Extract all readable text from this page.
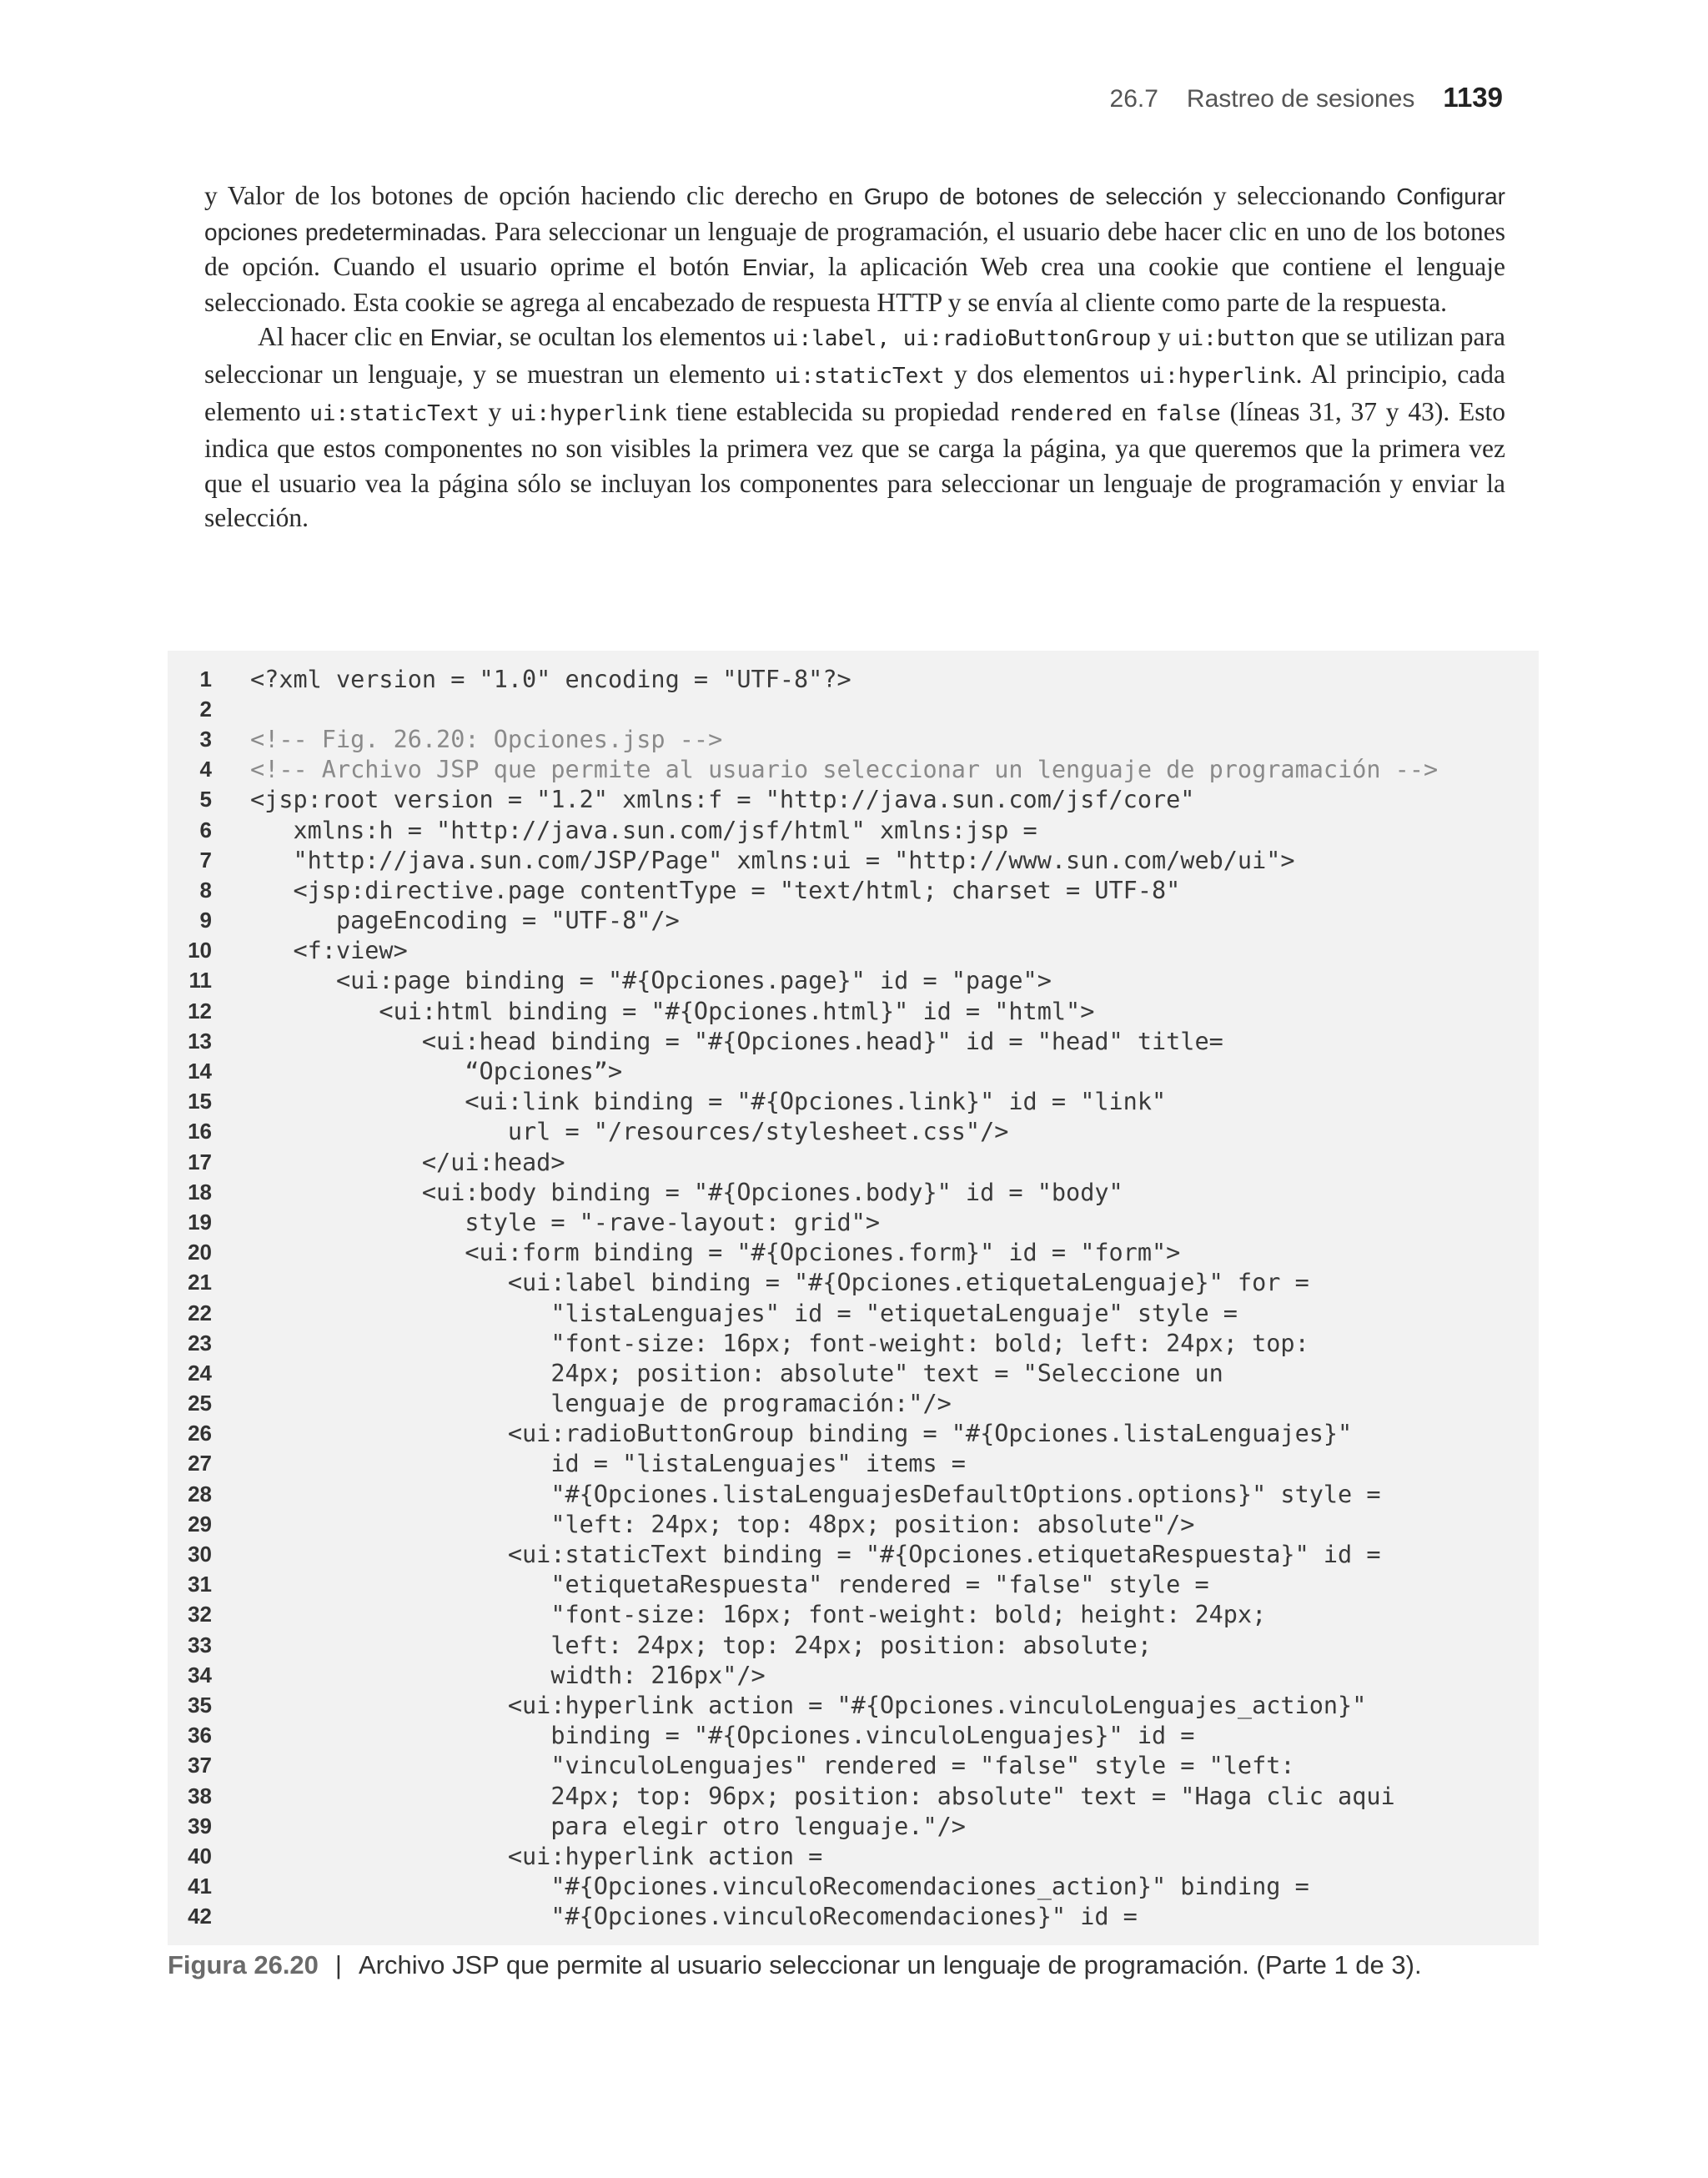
26.7 Rastreo de sesiones 1139

y Valor de los botones de opción haciendo clic derecho en Grupo de botones de selección y seleccionando Configurar opciones predeterminadas. Para seleccionar un lenguaje de programación, el usuario debe hacer clic en uno de los botones de opción. Cuando el usuario oprime el botón Enviar, la aplicación Web crea una cookie que contiene el lenguaje seleccionado. Esta cookie se agrega al encabezado de respuesta HTTP y se envía al cliente como parte de la respuesta.

Al hacer clic en Enviar, se ocultan los elementos ui:label, ui:radioButtonGroup y ui:button que se utilizan para seleccionar un lenguaje, y se muestran un elemento ui:staticText y dos elementos ui:hyperlink. Al principio, cada elemento ui:staticText y ui:hyperlink tiene establecida su propiedad rendered en false (líneas 31, 37 y 43). Esto indica que estos componentes no son visibles la primera vez que se carga la página, ya que queremos que la primera vez que el usuario vea la página sólo se incluyan los componentes para seleccionar un lenguaje de programación y enviar la selección.

1 <?xml version = "1.0" encoding = "UTF-8"?>
2
3 <!-- Fig. 26.20: Opciones.jsp -->
4 <!-- Archivo JSP que permite al usuario seleccionar un lenguaje de programación -->
5 <jsp:root version = "1.2" xmlns:f = "http://java.sun.com/jsf/core"
6 xmlns:h = "http://java.sun.com/jsf/html" xmlns:jsp =
7 "http://java.sun.com/JSP/Page" xmlns:ui = "http://www.sun.com/web/ui">
8 <jsp:directive.page contentType = "text/html; charset = UTF-8"
9 pageEncoding = "UTF-8"/>
10 <f:view>
11 <ui:page binding = "#{Opciones.page}" id = "page">
12 <ui:html binding = "#{Opciones.html}" id = "html">
13 <ui:head binding = "#{Opciones.head}" id = "head" title=
14 “Opciones”>
15 <ui:link binding = "#{Opciones.link}" id = "link"
16 url = "/resources/stylesheet.css"/>
17 </ui:head>
18 <ui:body binding = "#{Opciones.body}" id = "body"
19 style = "-rave-layout: grid">
20 <ui:form binding = "#{Opciones.form}" id = "form">
21 <ui:label binding = "#{Opciones.etiquetaLenguaje}" for =
22 "listaLenguajes" id = "etiquetaLenguaje" style =
23 "font-size: 16px; font-weight: bold; left: 24px; top:
24 24px; position: absolute" text = "Seleccione un
25 lenguaje de programación:"/>
26 <ui:radioButtonGroup binding = "#{Opciones.listaLenguajes}"
27 id = "listaLenguajes" items =
28 "#{Opciones.listaLenguajesDefaultOptions.options}" style =
29 "left: 24px; top: 48px; position: absolute"/>
30 <ui:staticText binding = "#{Opciones.etiquetaRespuesta}" id =
31 "etiquetaRespuesta" rendered = "false" style =
32 "font-size: 16px; font-weight: bold; height: 24px;
33 left: 24px; top: 24px; position: absolute;
34 width: 216px"/>
35 <ui:hyperlink action = "#{Opciones.vinculoLenguajes_action}"
36 binding = "#{Opciones.vinculoLenguajes}" id =
37 "vinculoLenguajes" rendered = "false" style = "left:
38 24px; top: 96px; position: absolute" text = "Haga clic aqui
39 para elegir otro lenguaje."/>
40 <ui:hyperlink action =
41 "#{Opciones.vinculoRecomendaciones_action}" binding =
42 "#{Opciones.vinculoRecomendaciones}" id =
Figura 26.20 | Archivo JSP que permite al usuario seleccionar un lenguaje de programación. (Parte 1 de 3).
